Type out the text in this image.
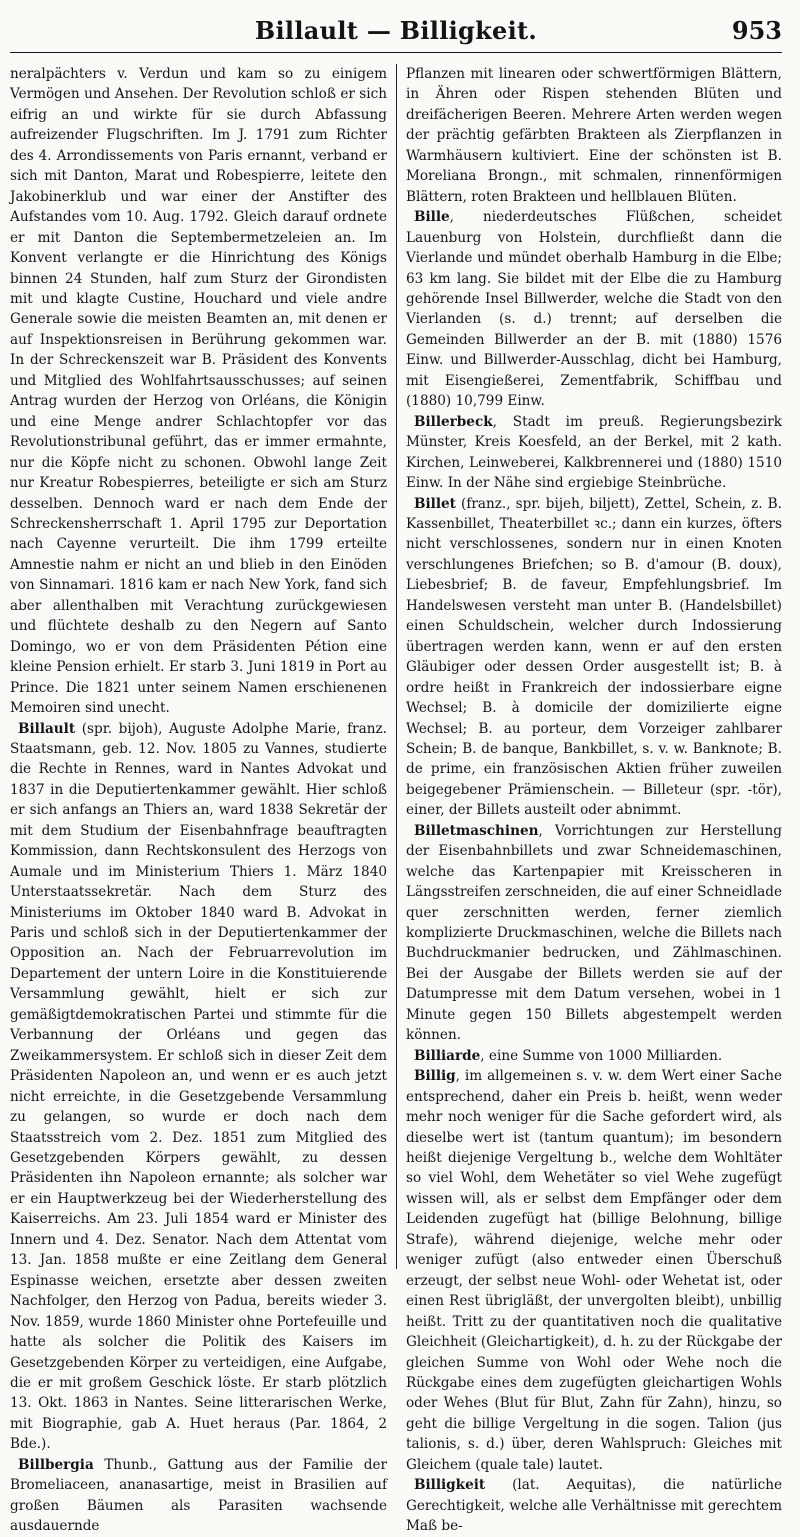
Billault — Billigkeit.	953

neralpächters v. Verdun und kam so zu einigem Vermögen und Ansehen. Der Revolution schloß er sich eifrig an und wirkte für sie durch Abfassung aufreizender Flugschriften. Im J. 1791 zum Richter des 4. Arrondissements von Paris ernannt, verband er sich mit Danton, Marat und Robespierre, leitete den Jakobinerklub und war einer der Anstifter des Aufstandes vom 10. Aug. 1792. Gleich darauf ordnete er mit Danton die Septembermetzeleien an. Im Konvent verlangte er die Hinrichtung des Königs binnen 24 Stunden, half zum Sturz der Girondisten mit und klagte Custine, Houchard und viele andre Generale sowie die meisten Beamten an, mit denen er auf Inspektionsreisen in Berührung gekommen war. In der Schreckenszeit war B. Präsident des Konvents und Mitglied des Wohlfahrtsausschusses; auf seinen Antrag wurden der Herzog von Orléans, die Königin und eine Menge andrer Schlachtopfer vor das Revolutionstribunal geführt, das er immer ermahnte, nur die Köpfe nicht zu schonen. Obwohl lange Zeit nur Kreatur Robespierres, beteiligte er sich am Sturz desselben. Dennoch ward er nach dem Ende der Schreckensherrschaft 1. April 1795 zur Deportation nach Cayenne verurteilt. Die ihm 1799 erteilte Amnestie nahm er nicht an und blieb in den Einöden von Sinnamari. 1816 kam er nach New York, fand sich aber allenthalben mit Verachtung zurückgewiesen und flüchtete deshalb zu den Negern auf Santo Domingo, wo er von dem Präsidenten Pétion eine kleine Pension erhielt. Er starb 3. Juni 1819 in Port au Prince. Die 1821 unter seinem Namen erschienenen Memoiren sind unecht.

Billault (spr. bijoh), Auguste Adolphe Marie, franz. Staatsmann, geb. 12. Nov. 1805 zu Vannes, studierte die Rechte in Rennes, ward in Nantes Advokat und 1837 in die Deputiertenkammer gewählt. Hier schloß er sich anfangs an Thiers an, ward 1838 Sekretär der mit dem Studium der Eisenbahnfrage beauftragten Kommission, dann Rechtskonsulent des Herzogs von Aumale und im Ministerium Thiers 1. März 1840 Unterstaatssekretär. Nach dem Sturz des Ministeriums im Oktober 1840 ward B. Advokat in Paris und schloß sich in der Deputiertenkammer der Opposition an. Nach der Februarrevolution im Departement der untern Loire in die Konstituierende Versammlung gewählt, hielt er sich zur gemäßigtdemokratischen Partei und stimmte für die Verbannung der Orléans und gegen das Zweikammersystem. Er schloß sich in dieser Zeit dem Präsidenten Napoleon an, und wenn er es auch jetzt nicht erreichte, in die Gesetzgebende Versammlung zu gelangen, so wurde er doch nach dem Staatsstreich vom 2. Dez. 1851 zum Mitglied des Gesetzgebenden Körpers gewählt, zu dessen Präsidenten ihn Napoleon ernannte; als solcher war er ein Hauptwerkzeug bei der Wiederherstellung des Kaiserreichs. Am 23. Juli 1854 ward er Minister des Innern und 4. Dez. Senator. Nach dem Attentat vom 13. Jan. 1858 mußte er eine Zeitlang dem General Espinasse weichen, ersetzte aber dessen zweiten Nachfolger, den Herzog von Padua, bereits wieder 3. Nov. 1859, wurde 1860 Minister ohne Portefeuille und hatte als solcher die Politik des Kaisers im Gesetzgebenden Körper zu verteidigen, eine Aufgabe, die er mit großem Geschick löste. Er starb plötzlich 13. Okt. 1863 in Nantes. Seine litterarischen Werke, mit Biographie, gab A. Huet heraus (Par. 1864, 2 Bde.).

Billbergia Thunb., Gattung aus der Familie der Bromeliaceen, ananasartige, meist in Brasilien auf großen Bäumen als Parasiten wachsende ausdauernde

Pflanzen mit linearen oder schwertförmigen Blättern, in Ähren oder Rispen stehenden Blüten und dreifächerigen Beeren. Mehrere Arten werden wegen der prächtig gefärbten Brakteen als Zierpflanzen in Warmhäusern kultiviert. Eine der schönsten ist B. Moreliana Brongn., mit schmalen, rinnenförmigen Blättern, roten Brakteen und hellblauen Blüten.

Bille, niederdeutsches Flüßchen, scheidet Lauenburg von Holstein, durchfließt dann die Vierlande und mündet oberhalb Hamburg in die Elbe; 63 km lang. Sie bildet mit der Elbe die zu Hamburg gehörende Insel Billwerder, welche die Stadt von den Vierlanden (s. d.) trennt; auf derselben die Gemeinden Billwerder an der B. mit (1880) 1576 Einw. und Billwerder-Ausschlag, dicht bei Hamburg, mit Eisengießerei, Zementfabrik, Schiffbau und (1880) 10,799 Einw.

Billerbeck, Stadt im preuß. Regierungsbezirk Münster, Kreis Koesfeld, an der Berkel, mit 2 kath. Kirchen, Leinweberei, Kalkbrennerei und (1880) 1510 Einw. In der Nähe sind ergiebige Steinbrüche.

Billet (franz., spr. bijeh, biljett), Zettel, Schein, z. B. Kassenbillet, Theaterbillet ꝛc.; dann ein kurzes, öfters nicht verschlossenes, sondern nur in einen Knoten verschlungenes Briefchen; so B. d'amour (B. doux), Liebesbrief; B. de faveur, Empfehlungsbrief. Im Handelswesen versteht man unter B. (Handelsbillet) einen Schuldschein, welcher durch Indossierung übertragen werden kann, wenn er auf den ersten Gläubiger oder dessen Order ausgestellt ist; B. à ordre heißt in Frankreich der indossierbare eigne Wechsel; B. à domicile der domizilierte eigne Wechsel; B. au porteur, dem Vorzeiger zahlbarer Schein; B. de banque, Bankbillet, s. v. w. Banknote; B. de prime, ein französischen Aktien früher zuweilen beigegebener Prämienschein. — Billeteur (spr. -tör), einer, der Billets austeilt oder abnimmt.

Billetmaschinen, Vorrichtungen zur Herstellung der Eisenbahnbillets und zwar Schneidemaschinen, welche das Kartenpapier mit Kreisscheren in Längsstreifen zerschneiden, die auf einer Schneidlade quer zerschnitten werden, ferner ziemlich komplizierte Druckmaschinen, welche die Billets nach Buchdruckmanier bedrucken, und Zählmaschinen. Bei der Ausgabe der Billets werden sie auf der Datumpresse mit dem Datum versehen, wobei in 1 Minute gegen 150 Billets abgestempelt werden können.

Billiarde, eine Summe von 1000 Milliarden.

Billig, im allgemeinen s. v. w. dem Wert einer Sache entsprechend, daher ein Preis b. heißt, wenn weder mehr noch weniger für die Sache gefordert wird, als dieselbe wert ist (tantum quantum); im besondern heißt diejenige Vergeltung b., welche dem Wohltäter so viel Wohl, dem Wehetäter so viel Wehe zugefügt wissen will, als er selbst dem Empfänger oder dem Leidenden zugefügt hat (billige Belohnung, billige Strafe), während diejenige, welche mehr oder weniger zufügt (also entweder einen Überschuß erzeugt, der selbst neue Wohl- oder Wehetat ist, oder einen Rest übrigläßt, der unvergolten bleibt), unbillig heißt. Tritt zu der quantitativen noch die qualitative Gleichheit (Gleichartigkeit), d. h. zu der Rückgabe der gleichen Summe von Wohl oder Wehe noch die Rückgabe eines dem zugefügten gleichartigen Wohls oder Wehes (Blut für Blut, Zahn für Zahn), hinzu, so geht die billige Vergeltung in die sogen. Talion (jus talionis, s. d.) über, deren Wahlspruch: Gleiches mit Gleichem (quale tale) lautet.

Billigkeit (lat. Aequitas), die natürliche Gerechtigkeit, welche alle Verhältnisse mit gerechtem Maß be-
